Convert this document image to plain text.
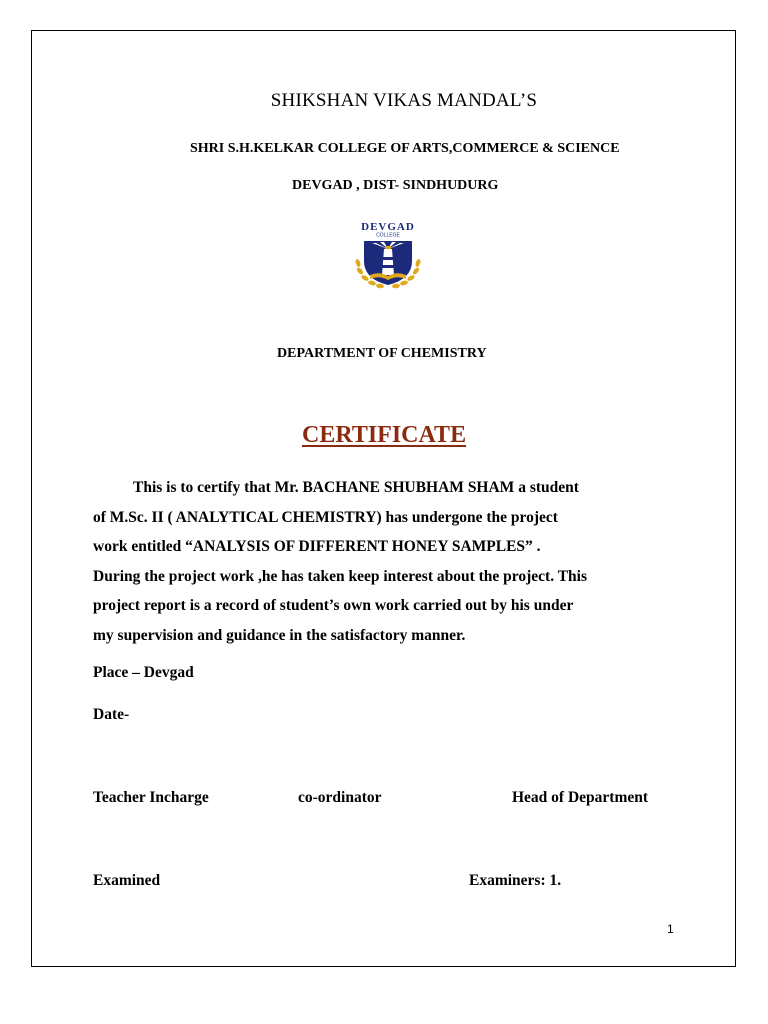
SHIKSHAN VIKAS MANDAL’S
SHRI S.H.KELKAR COLLEGE OF ARTS,COMMERCE & SCIENCE
DEVGAD , DIST- SINDHUDURG
DEVGAD
COLLEGE
DEPARTMENT OF CHEMISTRY
CERTIFICATE
This is to certify that Mr. BACHANE SHUBHAM SHAM a student
of M.Sc. II ( ANALYTICAL CHEMISTRY) has undergone the project
work entitled “ANALYSIS OF DIFFERENT HONEY SAMPLES” .
During the project work ,he has taken keep interest about the project. This
project report is a record of student’s own work carried out by his under
my supervision and guidance in the satisfactory manner.
Place – Devgad
Date-
Teacher Incharge	co-ordinator	Head of Department
Examined	Examiners: 1.
1
